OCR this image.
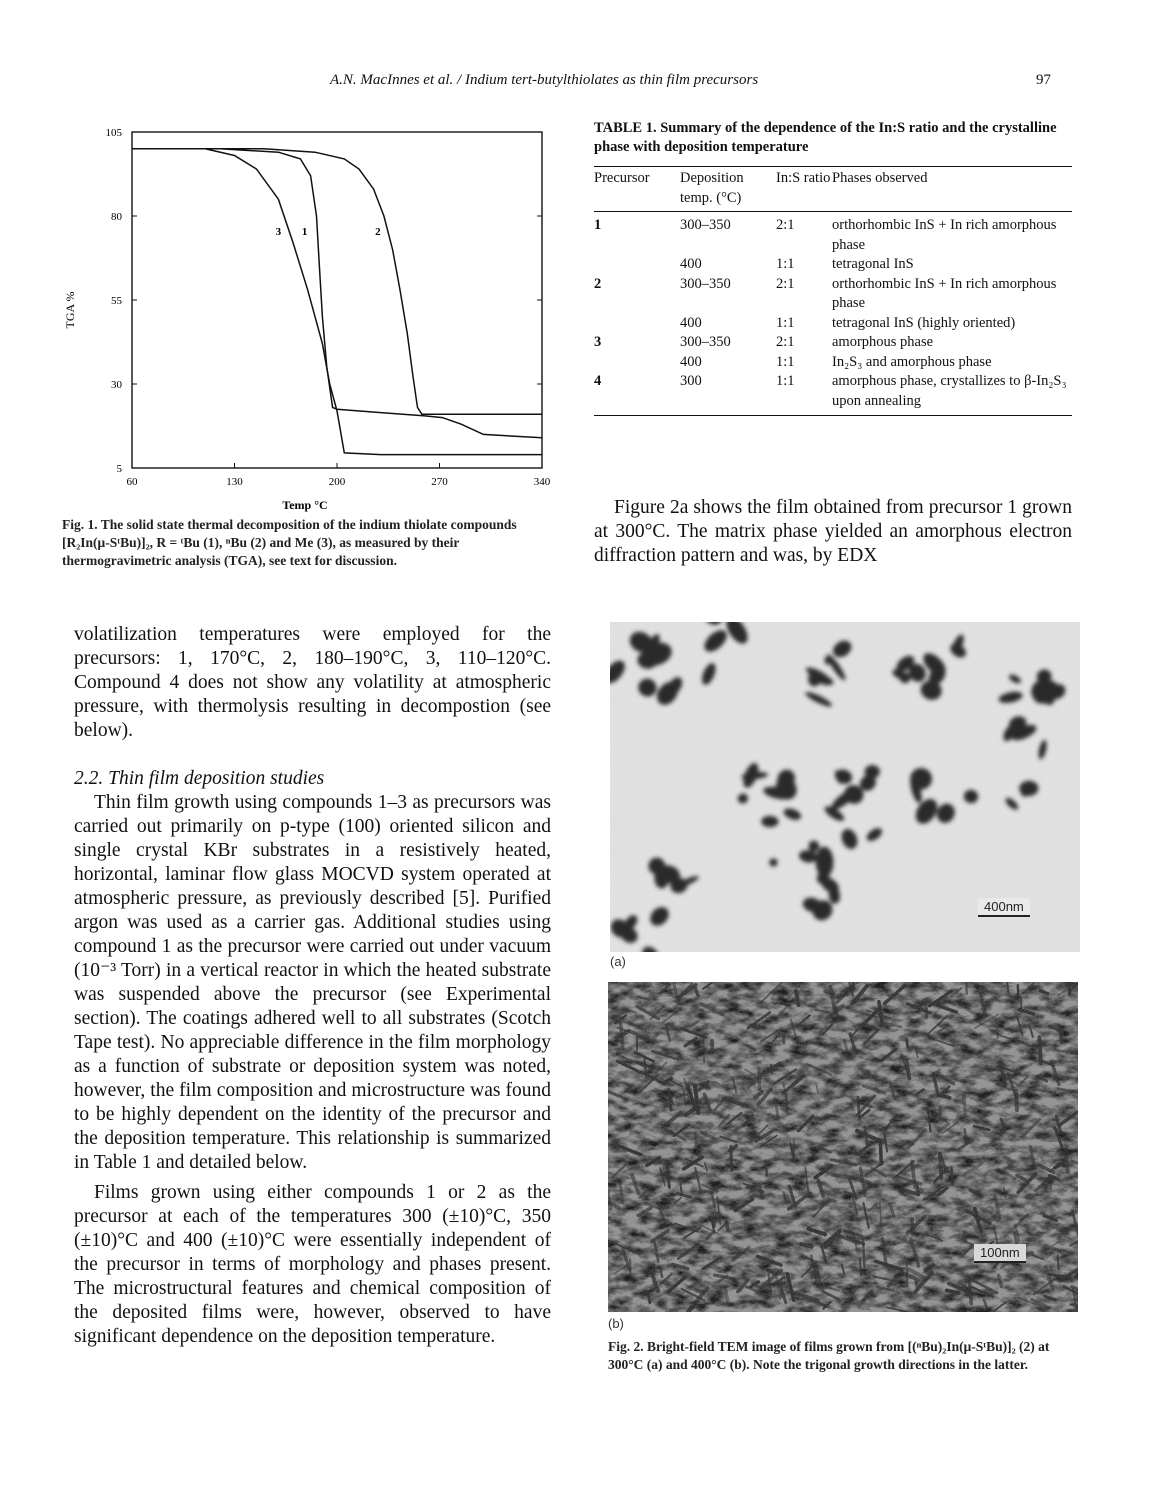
A.N. MacInnes et al. / Indium tert-butylthiolates as thin film precursors	97
60	130	200	270	340
105
80
55
30
5
1	2
3
Temp °C
TGA %
Fig. 1. The solid state thermal decomposition of the indium thiolate compounds [R₂In(μ-SᵗBu)]₂, R = ᵗBu (1), ⁿBu (2) and Me (3), as measured by their thermogravimetric analysis (TGA), see text for discussion.

volatilization temperatures were employed for the precursors: 1, 170°C, 2, 180–190°C, 3, 110–120°C. Compound 4 does not show any volatility at atmospheric pressure, with thermolysis resulting in decompostion (see below).

2.2. Thin film deposition studies

Thin film growth using compounds 1–3 as precursors was carried out primarily on p-type (100) oriented silicon and single crystal KBr substrates in a resistively heated, horizontal, laminar flow glass MOCVD system operated at atmospheric pressure, as previously described [5]. Purified argon was used as a carrier gas. Additional studies using compound 1 as the precursor were carried out under vacuum (10⁻³ Torr) in a vertical reactor in which the heated substrate was suspended above the precursor (see Experimental section). The coatings adhered well to all substrates (Scotch Tape test). No appreciable difference in the film morphology as a function of substrate or deposition system was noted, however, the film composition and microstructure was found to be highly dependent on the identity of the precursor and the deposition temperature. This relationship is summarized in Table 1 and detailed below.

Films grown using either compounds 1 or 2 as the precursor at each of the temperatures 300 (±10)°C, 350 (±10)°C and 400 (±10)°C were essentially independent of the precursor in terms of morphology and phases present. The microstructural features and chemical composition of the deposited films were, however, observed to have significant dependence on the deposition temperature.

TABLE 1. Summary of the dependence of the In:S ratio and the crystalline phase with deposition temperature
Precursor	Deposition temp. (°C)	In:S ratio	Phases observed
1	300–350	2:1	orthorhombic InS + In rich amorphous phase
	400	1:1	tetragonal InS
2	300–350	2:1	orthorhombic InS + In rich amorphous phase
	400	1:1	tetragonal InS (highly oriented)
3	300–350	2:1	amorphous phase
	400	1:1	In₂S₃ and amorphous phase
4	300	1:1	amorphous phase, crystallizes to β-In₂S₃ upon annealing
Figure 2a shows the film obtained from precursor 1 grown at 300°C. The matrix phase yielded an amorphous electron diffraction pattern and was, by EDX
400nm
(a)
100nm
(b)
Fig. 2. Bright-field TEM image of films grown from [(ⁿBu)₂In(μ-SᵗBu)]₂ (2) at 300°C (a) and 400°C (b). Note the trigonal growth directions in the latter.
